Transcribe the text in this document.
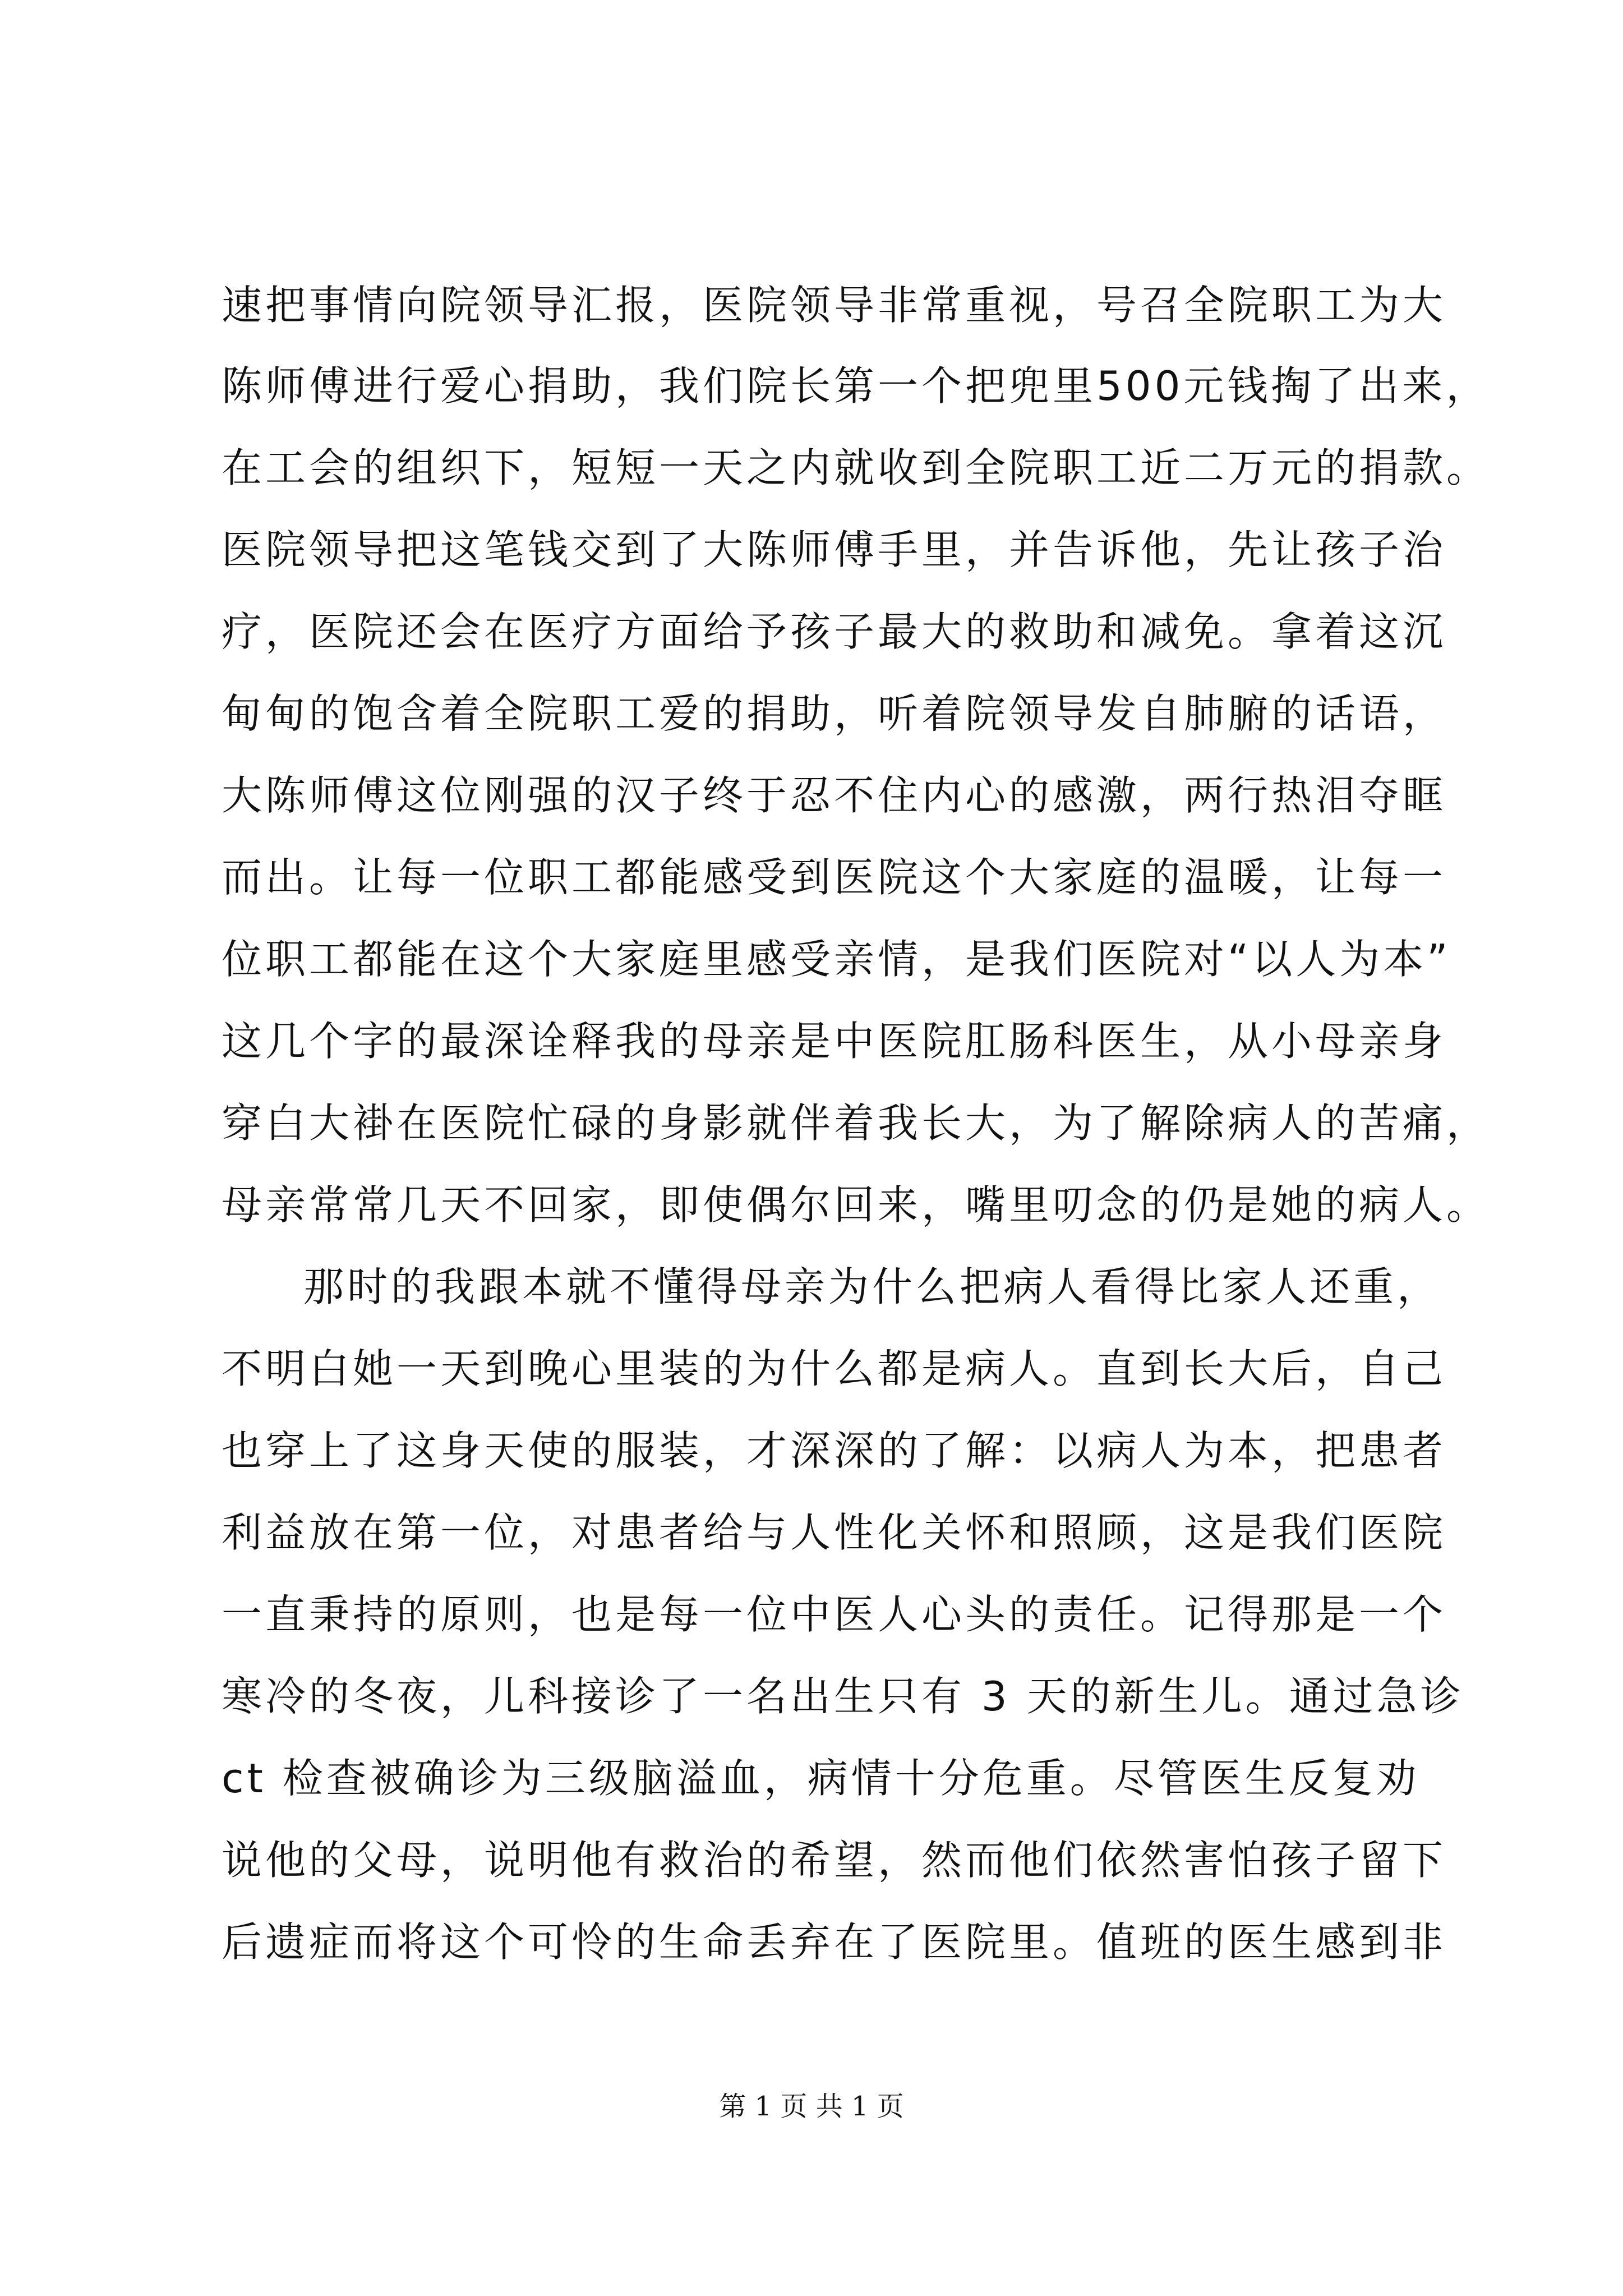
速把事情向院领导汇报，医院领导非常重视，号召全院职工为大
陈师傅进行爱心捐助，我们院长第一个把兜里500元钱掏了出来，
在工会的组织下，短短一天之内就收到全院职工近二万元的捐款。
医院领导把这笔钱交到了大陈师傅手里，并告诉他，先让孩子治
疗，医院还会在医疗方面给予孩子最大的救助和减免。拿着这沉
甸甸的饱含着全院职工爱的捐助，听着院领导发自肺腑的话语，
大陈师傅这位刚强的汉子终于忍不住内心的感激，两行热泪夺眶
而出。让每一位职工都能感受到医院这个大家庭的温暖，让每一
位职工都能在这个大家庭里感受亲情，是我们医院对“以人为本”
这几个字的最深诠释我的母亲是中医院肛肠科医生，从小母亲身
穿白大褂在医院忙碌的身影就伴着我长大，为了解除病人的苦痛，
母亲常常几天不回家，即使偶尔回来，嘴里叨念的仍是她的病人。
那时的我跟本就不懂得母亲为什么把病人看得比家人还重，
不明白她一天到晚心里装的为什么都是病人。直到长大后，自己
也穿上了这身天使的服装，才深深的了解：以病人为本，把患者
利益放在第一位，对患者给与人性化关怀和照顾，这是我们医院
一直秉持的原则，也是每一位中医人心头的责任。记得那是一个
寒冷的冬夜，儿科接诊了一名出生只有 3 天的新生儿。通过急诊
ct 检查被确诊为三级脑溢血，病情十分危重。尽管医生反复劝
说他的父母，说明他有救治的希望，然而他们依然害怕孩子留下
后遗症而将这个可怜的生命丢弃在了医院里。值班的医生感到非
第 1 页 共 1 页
